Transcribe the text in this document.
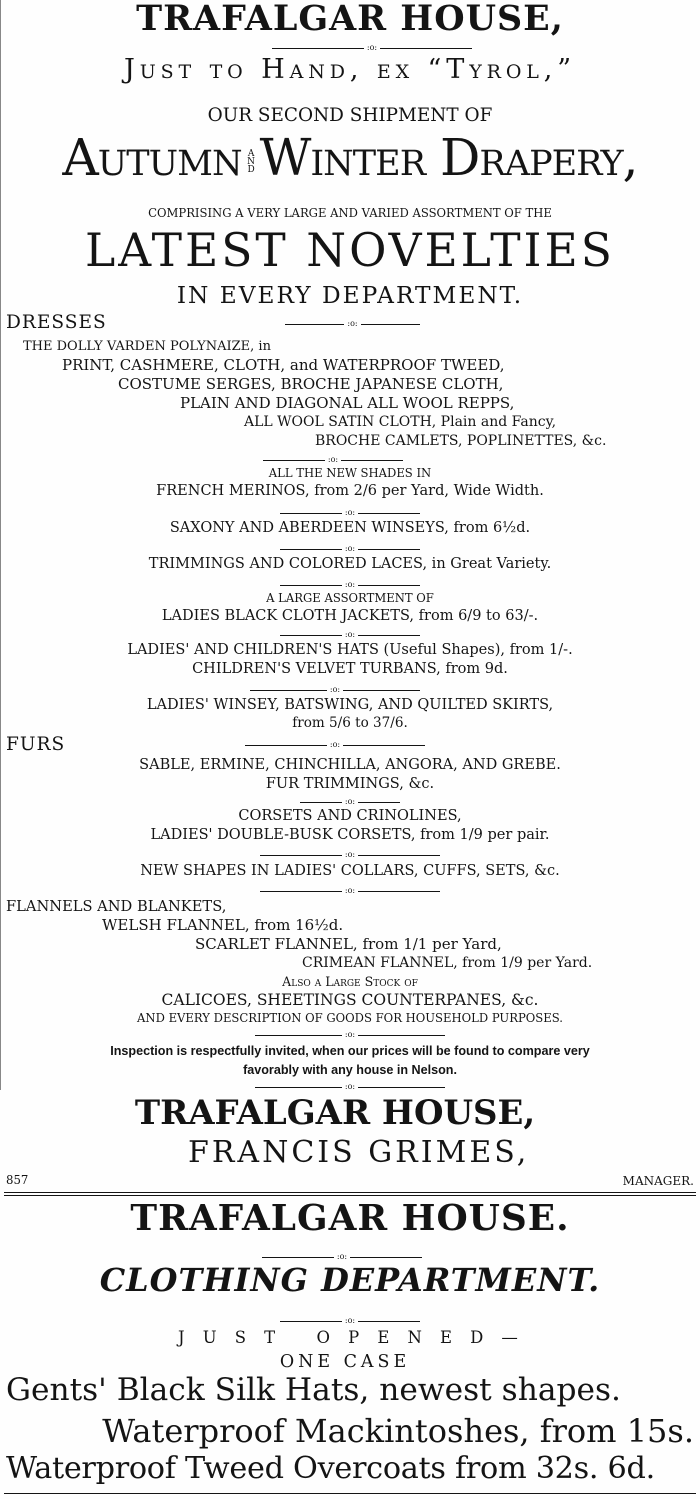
TRAFALGAR HOUSE,
:o:
Just to Hand, ex “Tyrol,”
OUR SECOND SHIPMENT OF
Autumn A
N
D Winter Drapery,
COMPRISING A VERY LARGE AND VARIED ASSORTMENT OF THE
LATEST NOVELTIES
IN EVERY DEPARTMENT.
DRESSES	:o:
THE DOLLY VARDEN POLYNAIZE, in
PRINT, CASHMERE, CLOTH, and WATERPROOF TWEED,
COSTUME SERGES, BROCHE JAPANESE CLOTH,
PLAIN AND DIAGONAL ALL WOOL REPPS,
ALL WOOL SATIN CLOTH, Plain and Fancy,
BROCHE CAMLETS, POPLINETTES, &c.
:o:
ALL THE NEW SHADES IN
FRENCH MERINOS, from 2/6 per Yard, Wide Width.
:o:
SAXONY AND ABERDEEN WINSEYS, from 6½d.
:o:
TRIMMINGS AND COLORED LACES, in Great Variety.
:o:
A LARGE ASSORTMENT OF
LADIES BLACK CLOTH JACKETS, from 6/9 to 63/-.
:o:
LADIES' AND CHILDREN'S HATS (Useful Shapes), from 1/-.
CHILDREN'S VELVET TURBANS, from 9d.
:o:
LADIES' WINSEY, BATSWING, AND QUILTED SKIRTS,
from 5/6 to 37/6.
FURS	:o:
SABLE, ERMINE, CHINCHILLA, ANGORA, AND GREBE.
FUR TRIMMINGS, &c.
:o:
CORSETS AND CRINOLINES,
LADIES' DOUBLE-BUSK CORSETS, from 1/9 per pair.
:o:
NEW SHAPES IN LADIES' COLLARS, CUFFS, SETS, &c.
:o:
FLANNELS AND BLANKETS,
WELSH FLANNEL, from 16½d.
SCARLET FLANNEL, from 1/1 per Yard,
CRIMEAN FLANNEL, from 1/9 per Yard.
Also a Large Stock of
CALICOES, SHEETINGS COUNTERPANES, &c.
AND EVERY DESCRIPTION OF GOODS FOR HOUSEHOLD PURPOSES.
:o:
Inspection is respectfully invited, when our prices will be found to compare very
favorably with any house in Nelson.
:o:
TRAFALGAR HOUSE,
FRANCIS GRIMES,
857	MANAGER.
TRAFALGAR HOUSE.
:o:
CLOTHING DEPARTMENT.
:o:
JUST OPENED—
ONE CASE
Gents' Black Silk Hats, newest shapes.
Waterproof Mackintoshes, from 15s.
Waterproof Tweed Overcoats from 32s. 6d.
